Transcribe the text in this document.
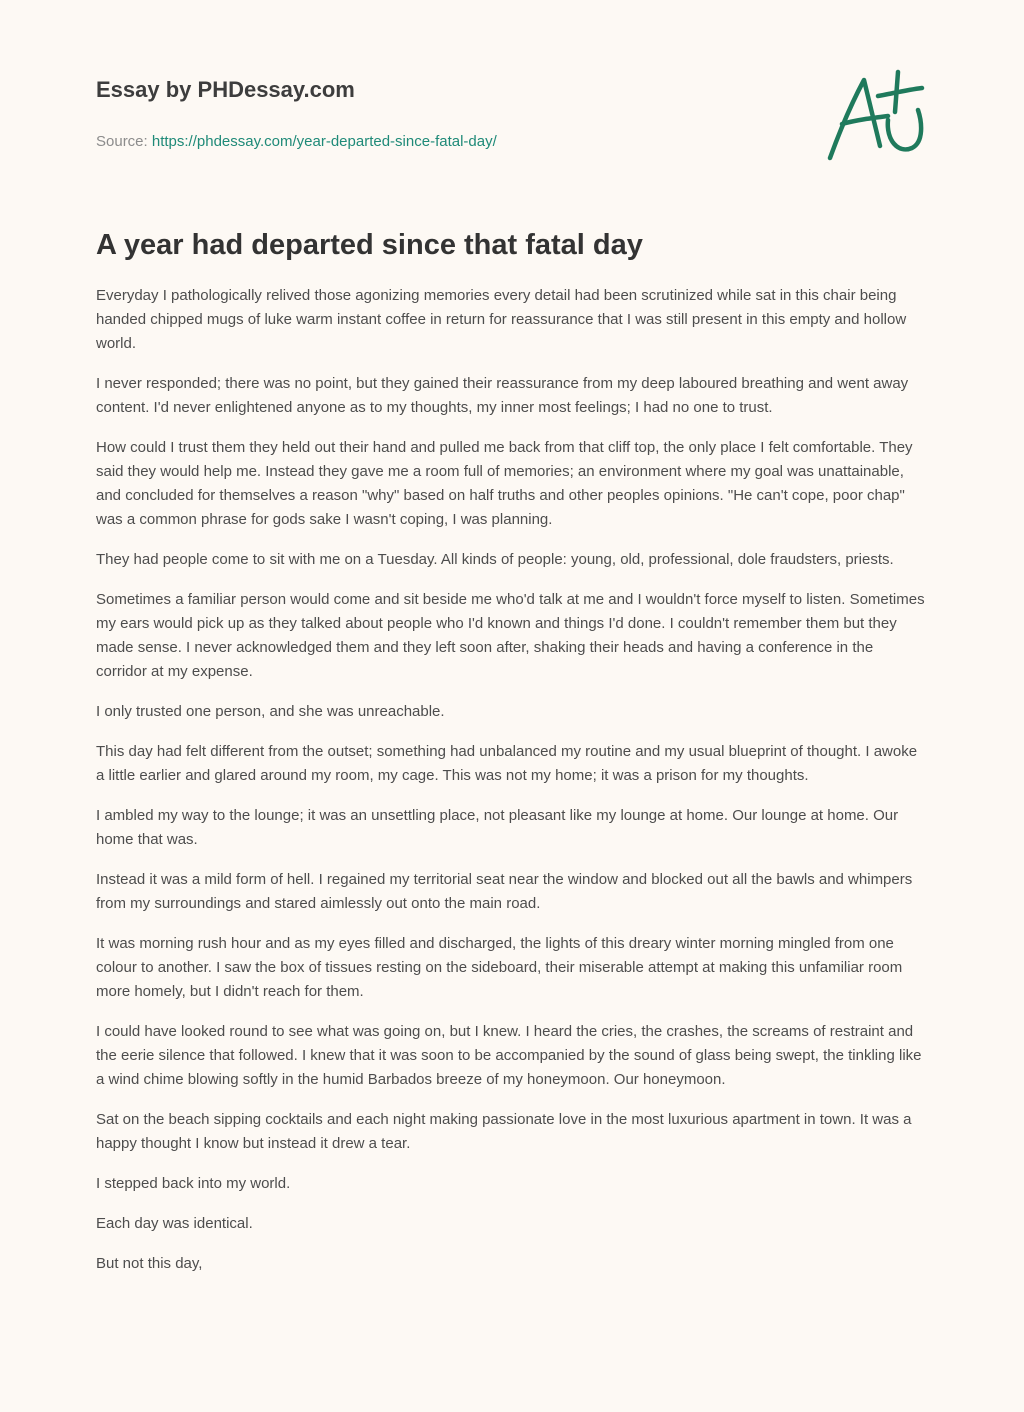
Essay by PHDessay.com
Source: https://phdessay.com/year-departed-since-fatal-day/
A+
A year had departed since that fatal day

Everyday I pathologically relived those agonizing memories every detail had been scrutinized while sat in this chair being handed chipped mugs of luke warm instant coffee in return for reassurance that I was still present in this empty and hollow world.

I never responded; there was no point, but they gained their reassurance from my deep laboured breathing and went away content. I'd never enlightened anyone as to my thoughts, my inner most feelings; I had no one to trust.

How could I trust them they held out their hand and pulled me back from that cliff top, the only place I felt comfortable. They said they would help me. Instead they gave me a room full of memories; an environment where my goal was unattainable, and concluded for themselves a reason "why" based on half truths and other peoples opinions. "He can't cope, poor chap" was a common phrase for gods sake I wasn't coping, I was planning.

They had people come to sit with me on a Tuesday. All kinds of people: young, old, professional, dole fraudsters, priests.

Sometimes a familiar person would come and sit beside me who'd talk at me and I wouldn't force myself to listen. Sometimes my ears would pick up as they talked about people who I'd known and things I'd done. I couldn't remember them but they made sense. I never acknowledged them and they left soon after, shaking their heads and having a conference in the corridor at my expense.

I only trusted one person, and she was unreachable.

This day had felt different from the outset; something had unbalanced my routine and my usual blueprint of thought. I awoke a little earlier and glared around my room, my cage. This was not my home; it was a prison for my thoughts.

I ambled my way to the lounge; it was an unsettling place, not pleasant like my lounge at home. Our lounge at home. Our home that was.

Instead it was a mild form of hell. I regained my territorial seat near the window and blocked out all the bawls and whimpers from my surroundings and stared aimlessly out onto the main road.

It was morning rush hour and as my eyes filled and discharged, the lights of this dreary winter morning mingled from one colour to another. I saw the box of tissues resting on the sideboard, their miserable attempt at making this unfamiliar room more homely, but I didn't reach for them.

I could have looked round to see what was going on, but I knew. I heard the cries, the crashes, the screams of restraint and the eerie silence that followed. I knew that it was soon to be accompanied by the sound of glass being swept, the tinkling like a wind chime blowing softly in the humid Barbados breeze of my honeymoon. Our honeymoon.

Sat on the beach sipping cocktails and each night making passionate love in the most luxurious apartment in town. It was a happy thought I know but instead it drew a tear.

I stepped back into my world.

Each day was identical.

But not this day,
